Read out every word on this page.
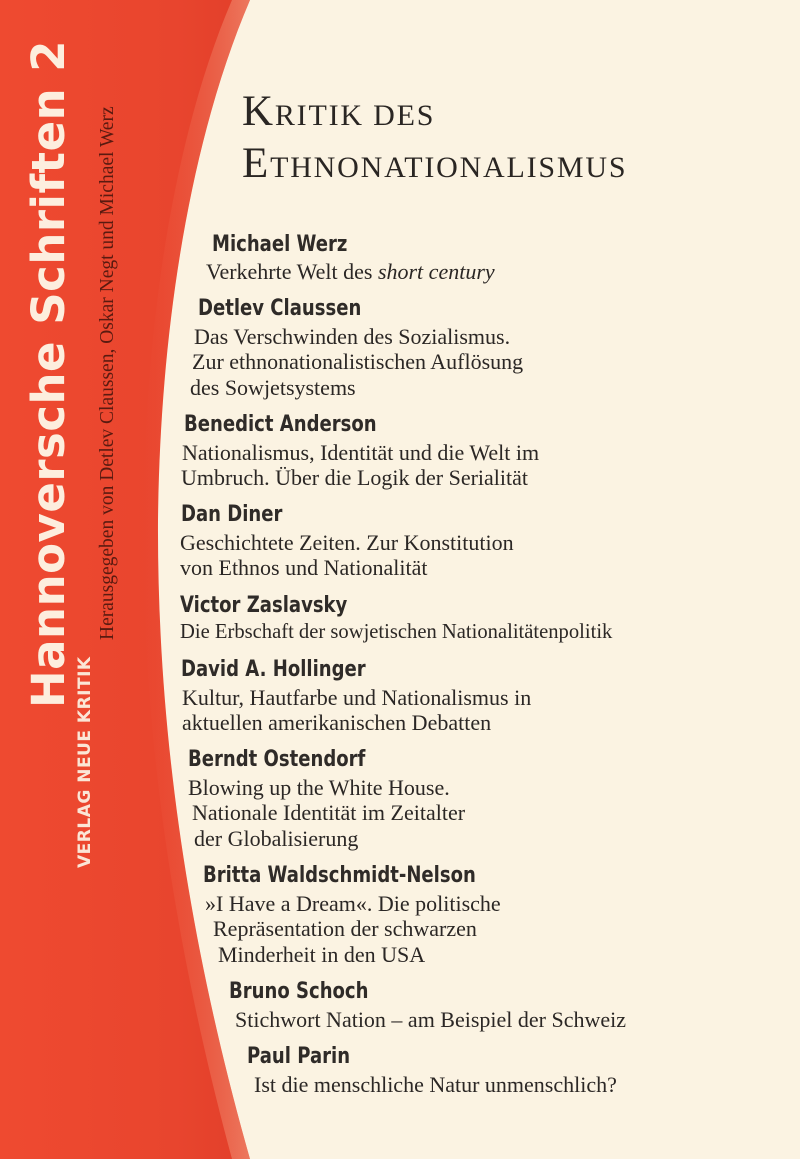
Hannoversche Schriften 2 Herausgegeben von Detlev Claussen, Oskar Negt und Michael Werz
VERLAG NEUE KRITIK
KRITIK DES
ETHNONATIONALISMUS
Michael Werz
Verkehrte Welt des short century
Detlev Claussen
Das Verschwinden des Sozialismus.
Zur ethnonationalistischen Auflösung
des Sowjetsystems
Benedict Anderson
Nationalismus, Identität und die Welt im
Umbruch. Über die Logik der Serialität
Dan Diner
Geschichtete Zeiten. Zur Konstitution
von Ethnos und Nationalität
Victor Zaslavsky
Die Erbschaft der sowjetischen Nationalitätenpolitik
David A. Hollinger
Kultur, Hautfarbe und Nationalismus in
aktuellen amerikanischen Debatten
Berndt Ostendorf
Blowing up the White House.
Nationale Identität im Zeitalter
der Globalisierung
Britta Waldschmidt-Nelson
»I Have a Dream«. Die politische
Repräsentation der schwarzen
Minderheit in den USA
Bruno Schoch
Stichwort Nation – am Beispiel der Schweiz
Paul Parin
Ist die menschliche Natur unmenschlich?
